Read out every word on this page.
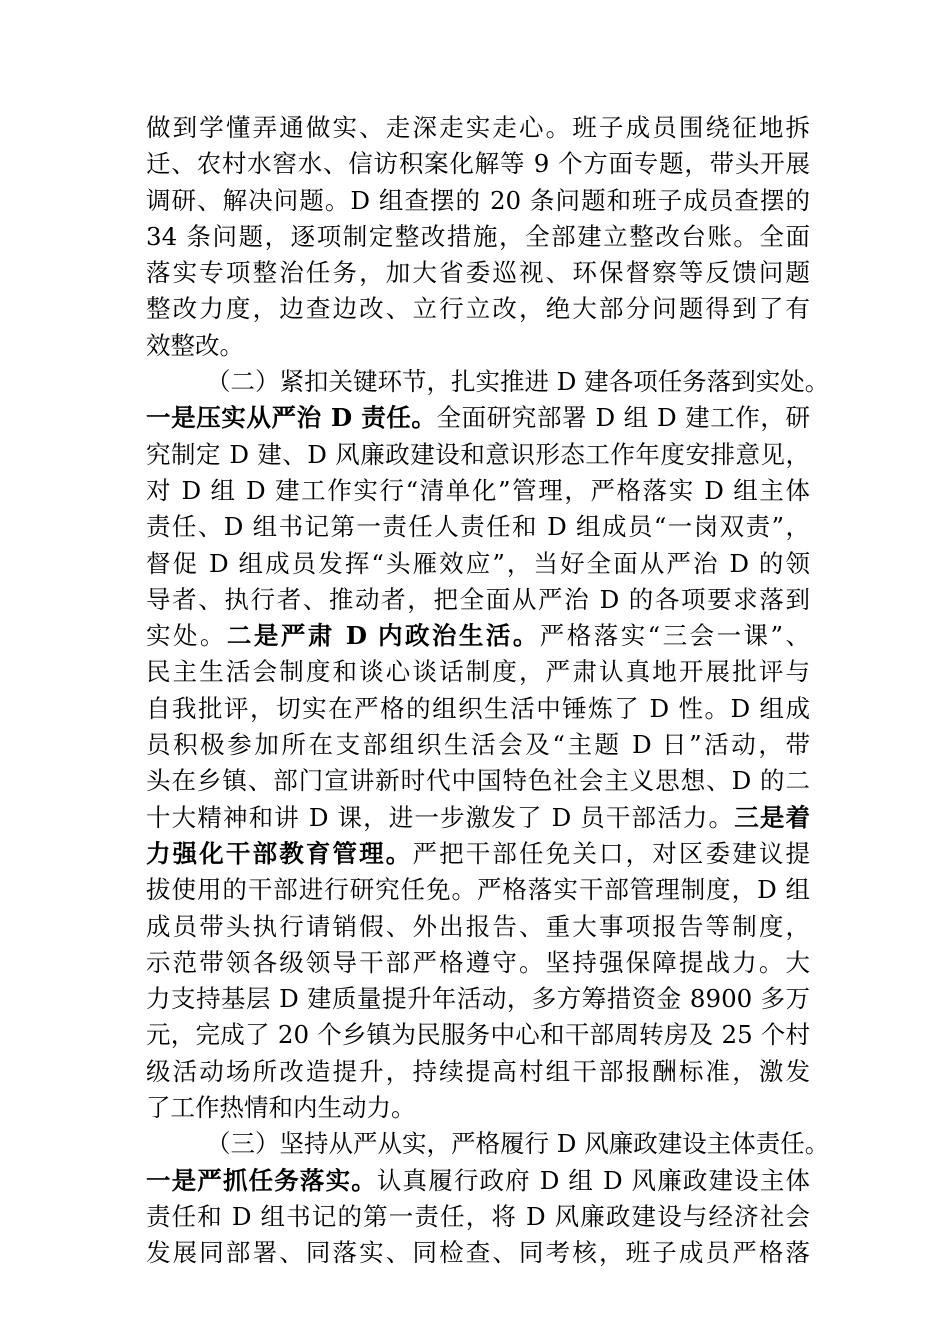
做到学懂弄通做实、走深走实走心。班子成员围绕征地拆
迁、农村水窖水、信访积案化解等 9 个方面专题，带头开展
调研、解决问题。D 组查摆的 20 条问题和班子成员查摆的
34 条问题，逐项制定整改措施，全部建立整改台账。全面
落实专项整治任务，加大省委巡视、环保督察等反馈问题
整改力度，边查边改、立行立改，绝大部分问题得到了有
效整改。
（二）紧扣关键环节，扎实推进 D 建各项任务落到实处。
一是压实从严治 D 责任。全面研究部署 D 组 D 建工作，研
究制定 D 建、D 风廉政建设和意识形态工作年度安排意见，
对 D 组 D 建工作实行“清单化”管理，严格落实 D 组主体
责任、D 组书记第一责任人责任和 D 组成员“一岗双责”，
督促 D 组成员发挥“头雁效应”，当好全面从严治 D 的领
导者、执行者、推动者，把全面从严治 D 的各项要求落到
实处。二是严肃 D 内政治生活。严格落实“三会一课”、
民主生活会制度和谈心谈话制度，严肃认真地开展批评与
自我批评，切实在严格的组织生活中锤炼了 D 性。D 组成
员积极参加所在支部组织生活会及“主题 D 日”活动，带
头在乡镇、部门宣讲新时代中国特色社会主义思想、D 的二
十大精神和讲 D 课，进一步激发了 D 员干部活力。三是着
力强化干部教育管理。严把干部任免关口，对区委建议提
拔使用的干部进行研究任免。严格落实干部管理制度，D 组
成员带头执行请销假、外出报告、重大事项报告等制度，
示范带领各级领导干部严格遵守。坚持强保障提战力。大
力支持基层 D 建质量提升年活动，多方筹措资金 8900 多万
元，完成了 20 个乡镇为民服务中心和干部周转房及 25 个村
级活动场所改造提升，持续提高村组干部报酬标准，激发
了工作热情和内生动力。
（三）坚持从严从实，严格履行 D 风廉政建设主体责任。
一是严抓任务落实。认真履行政府 D 组 D 风廉政建设主体
责任和 D 组书记的第一责任，将 D 风廉政建设与经济社会
发展同部署、同落实、同检查、同考核，班子成员严格落
